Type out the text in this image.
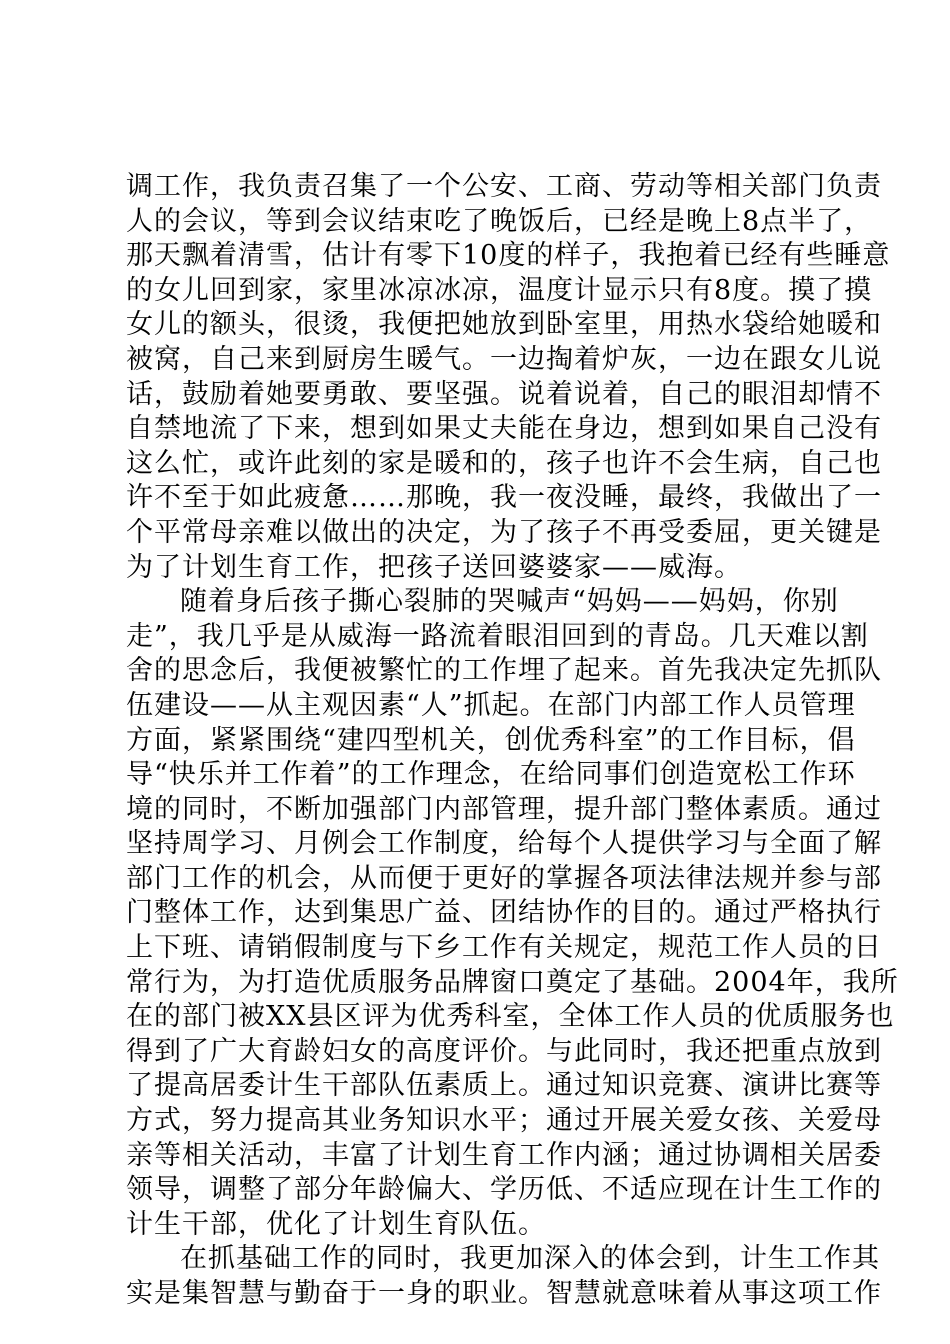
调工作，我负责召集了一个公安、工商、劳动等相关部门负责
人的会议，等到会议结束吃了晚饭后，已经是晚上8点半了，
那天飘着清雪，估计有零下10度的样子，我抱着已经有些睡意
的女儿回到家，家里冰凉冰凉，温度计显示只有8度。摸了摸
女儿的额头，很烫，我便把她放到卧室里，用热水袋给她暖和
被窝，自己来到厨房生暖气。一边掏着炉灰，一边在跟女儿说
话，鼓励着她要勇敢、要坚强。说着说着，自己的眼泪却情不
自禁地流了下来，想到如果丈夫能在身边，想到如果自己没有
这么忙，或许此刻的家是暖和的，孩子也许不会生病，自己也
许不至于如此疲惫……那晚，我一夜没睡，最终，我做出了一
个平常母亲难以做出的决定，为了孩子不再受委屈，更关键是
为了计划生育工作，把孩子送回婆婆家——威海。
随着身后孩子撕心裂肺的哭喊声“妈妈——妈妈，你别
走”，我几乎是从威海一路流着眼泪回到的青岛。几天难以割
舍的思念后，我便被繁忙的工作埋了起来。首先我决定先抓队
伍建设——从主观因素“人”抓起。在部门内部工作人员管理
方面，紧紧围绕“建四型机关，创优秀科室”的工作目标，倡
导“快乐并工作着”的工作理念，在给同事们创造宽松工作环
境的同时，不断加强部门内部管理，提升部门整体素质。通过
坚持周学习、月例会工作制度，给每个人提供学习与全面了解
部门工作的机会，从而便于更好的掌握各项法律法规并参与部
门整体工作，达到集思广益、团结协作的目的。通过严格执行
上下班、请销假制度与下乡工作有关规定，规范工作人员的日
常行为，为打造优质服务品牌窗口奠定了基础。2004年，我所
在的部门被XX县区评为优秀科室，全体工作人员的优质服务也
得到了广大育龄妇女的高度评价。与此同时，我还把重点放到
了提高居委计生干部队伍素质上。通过知识竞赛、演讲比赛等
方式，努力提高其业务知识水平；通过开展关爱女孩、关爱母
亲等相关活动，丰富了计划生育工作内涵；通过协调相关居委
领导，调整了部分年龄偏大、学历低、不适应现在计生工作的
计生干部，优化了计划生育队伍。
在抓基础工作的同时，我更加深入的体会到，计生工作其
实是集智慧与勤奋于一身的职业。智慧就意味着从事这项工作
